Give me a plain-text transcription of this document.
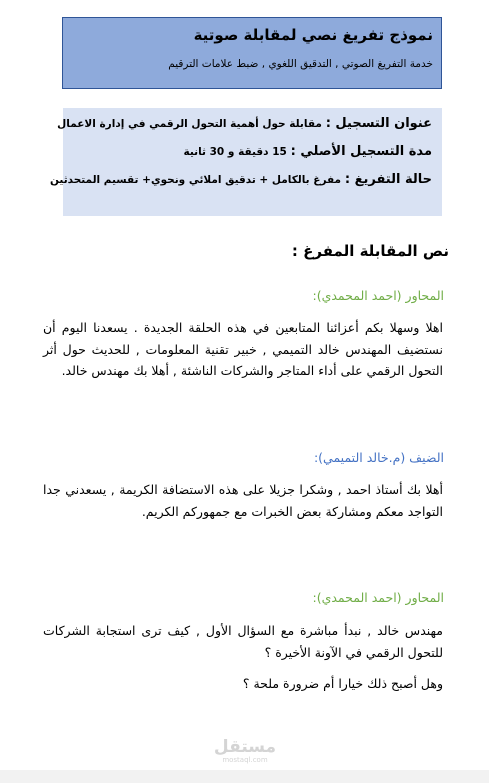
نموذج تفريغ نصي لمقابلة صوتية
خدمة التفريغ الصوتي , التدقيق اللغوي , ضبط علامات الترقيم
عنوان التسجيل : مقابلة حول أهمية التحول الرقمي في إدارة الاعمال
مدة التسجيل الأصلي : 15 دقيقة و 30 ثانية
حالة التفريغ : مفرغ بالكامل + تدقيق املائي ونحوي+ تقسيم المتحدثين
نص المقابلة المفرغ :
المحاور (احمد المحمدي):
اهلا وسهلا بكم أعزائنا المتابعين في هذه الحلقة الجديدة . يسعدنا اليوم أن نستضيف المهندس خالد التميمي , خبير تقنية المعلومات , للحديث حول أثر التحول الرقمي على أداء المتاجر والشركات الناشئة , أهلا بك مهندس خالد.
الضيف (م.خالد التميمي):
أهلا بك أستاذ احمد , وشكرا جزيلا على هذه الاستضافة الكريمة , يسعدني جدا التواجد معكم ومشاركة بعض الخبرات مع جمهوركم الكريم.
المحاور (احمد المحمدي):
مهندس خالد , نبدأ مباشرة مع السؤال الأول , كيف ترى استجابة الشركات للتحول الرقمي في الآونة الأخيرة ؟
وهل أصبح ذلك خيارا أم ضرورة ملحة ؟
مستقل
mostaql.com
